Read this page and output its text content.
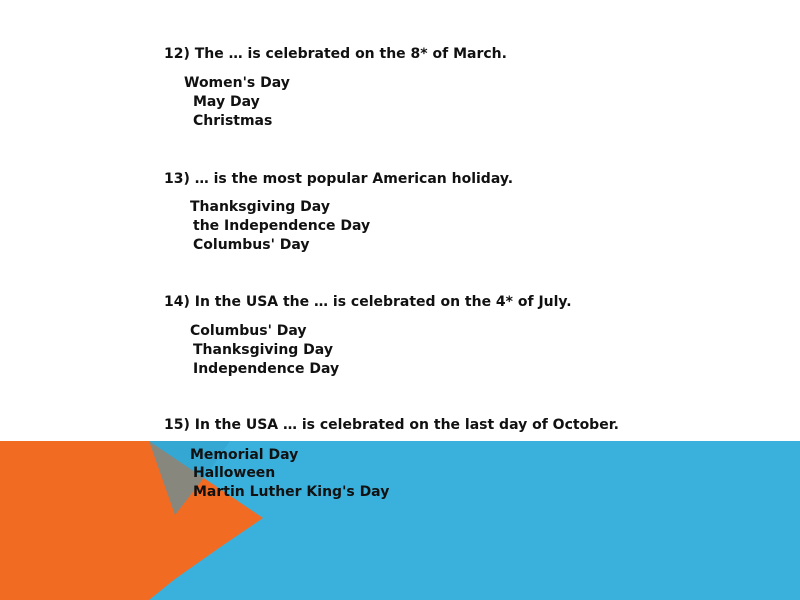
12) The … is celebrated on the 8* of March.
Women's Day
May Day
Christmas
13) … is the most popular American holiday.
Thanksgiving Day
the Independence Day
Columbus' Day
14) In the USA the … is celebrated on the 4* of July.
Columbus' Day
Thanksgiving Day
Independence Day
15) In the USA … is celebrated on the last day of October.
Memorial Day
Halloween
Martin Luther King's Day
